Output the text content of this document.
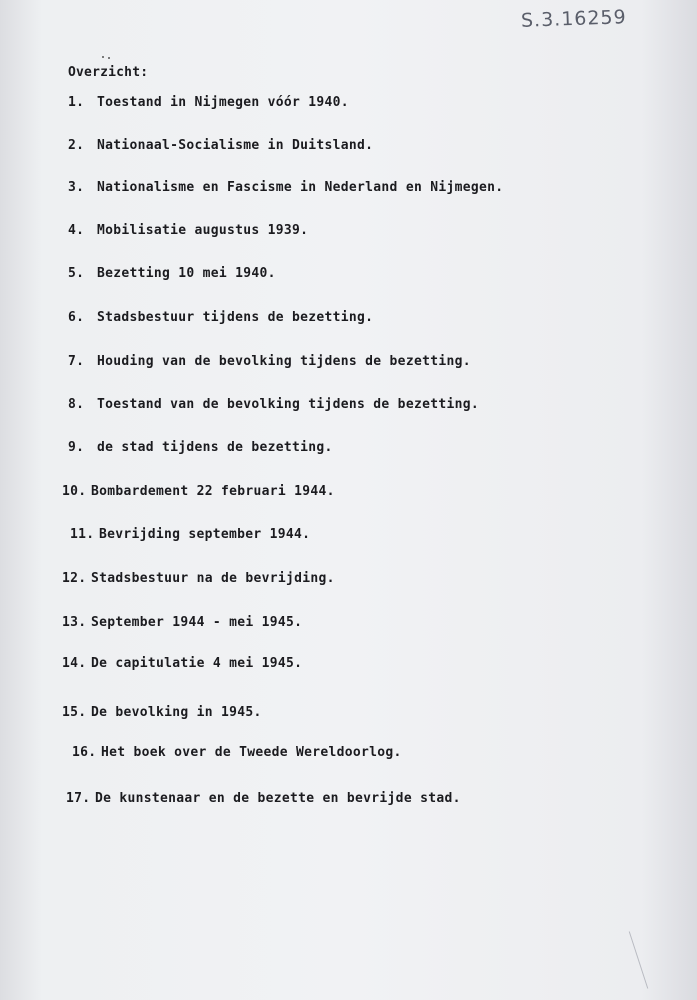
S.3.16259
Overzicht:
1. Toestand in Nijmegen vóór 1940.
2. Nationaal-Socialisme in Duitsland.
3. Nationalisme en Fascisme in Nederland en Nijmegen.
4. Mobilisatie augustus 1939.
5. Bezetting 10 mei 1940.
6. Stadsbestuur tijdens de bezetting.
7. Houding van de bevolking tijdens de bezetting.
8. Toestand van de bevolking tijdens de bezetting.
9. de stad tijdens de bezetting.
10. Bombardement 22 februari 1944.
11. Bevrijding september 1944.
12. Stadsbestuur na de bevrijding.
13. September 1944 - mei 1945.
14. De capitulatie 4 mei 1945.
15. De bevolking in 1945.
16. Het boek over de Tweede Wereldoorlog.
17. De kunstenaar en de bezette en bevrijde stad.
